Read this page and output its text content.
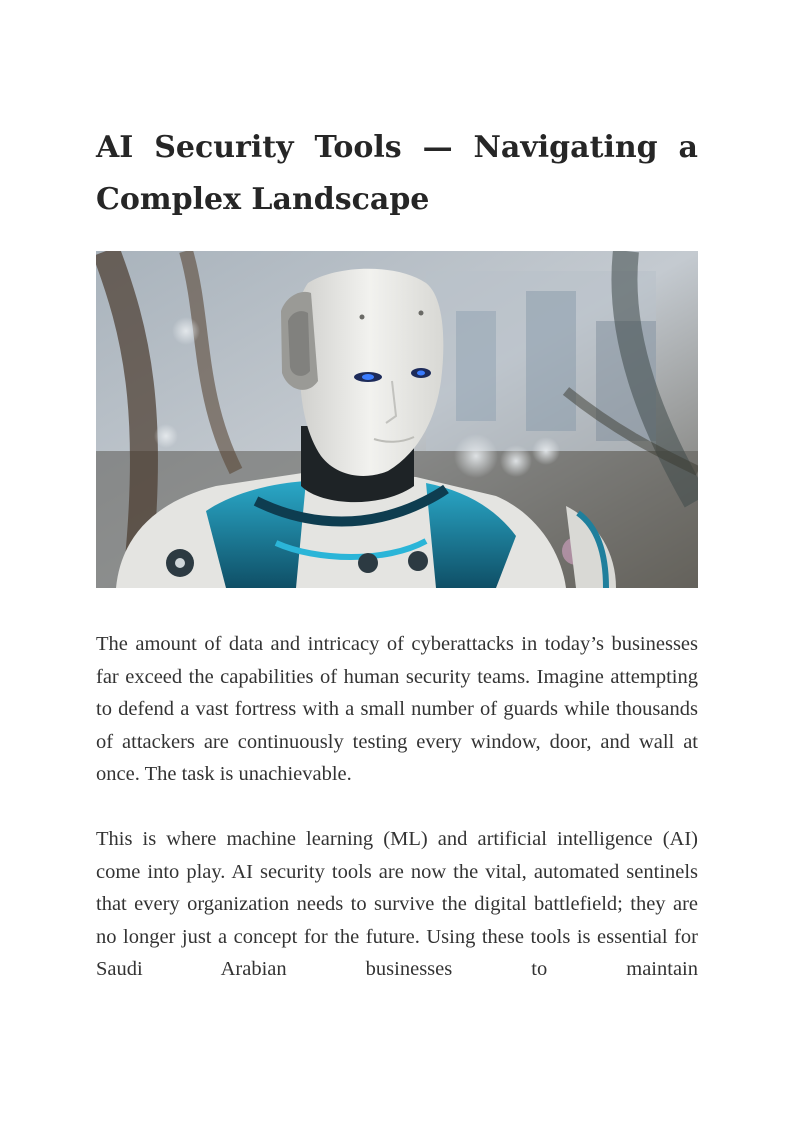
AI Security Tools — Navigating a Complex Landscape

The amount of data and intricacy of cyberattacks in today’s businesses far exceed the capabilities of human security teams. Imagine attempting to defend a vast fortress with a small number of guards while thousands of attackers are continuously testing every window, door, and wall at once. The task is unachievable.

This is where machine learning (ML) and artificial intelligence (AI) come into play. AI security tools are now the vital, automated sentinels that every organization needs to survive the digital battlefield; they are no longer just a concept for the future. Using these tools is essential for Saudi Arabian businesses to maintain
